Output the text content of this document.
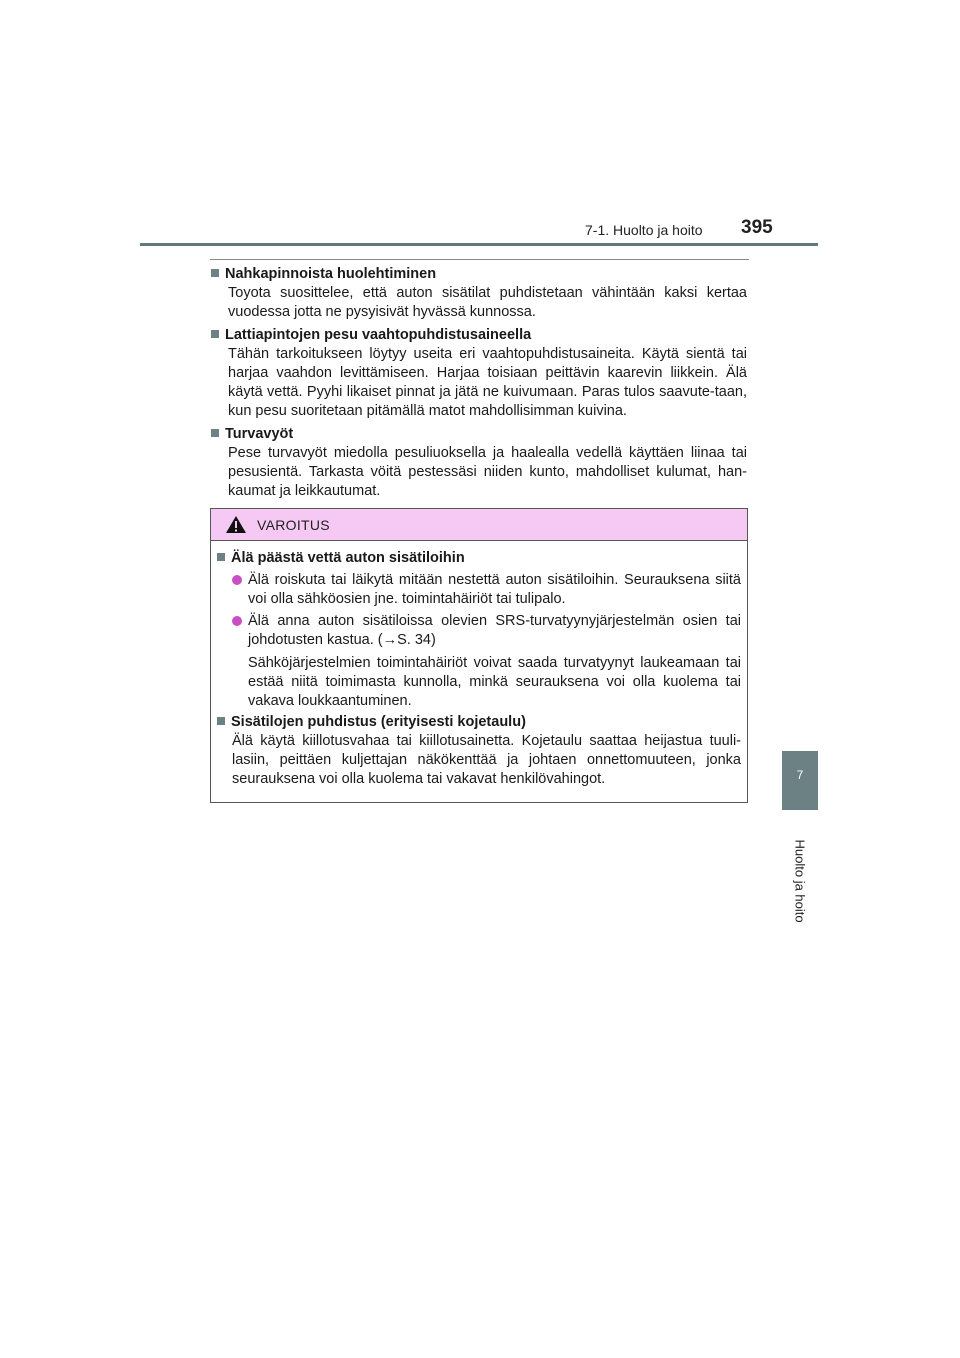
7-1. Huolto ja hoito 395
7
Huolto ja hoito
Nahkapinnoista huolehtiminen
Toyota suosittelee, että auton sisätilat puhdistetaan vähintään kaksi kertaa vuodessa jotta ne pysyisivät hyvässä kunnossa.
Lattiapintojen pesu vaahtopuhdistusaineella
Tähän tarkoitukseen löytyy useita eri vaahtopuhdistusaineita. Käytä sientä tai harjaa vaahdon levittämiseen. Harjaa toisiaan peittävin kaarevin liikkein. Älä käytä vettä. Pyyhi likaiset pinnat ja jätä ne kuivumaan. Paras tulos saavute-taan, kun pesu suoritetaan pitämällä matot mahdollisimman kuivina.
Turvavyöt
Pese turvavyöt miedolla pesuliuoksella ja haalealla vedellä käyttäen liinaa tai pesusientä. Tarkasta vöitä pestessäsi niiden kunto, mahdolliset kulumat, han-kaumat ja leikkautumat.
VAROITUS
Älä päästä vettä auton sisätiloihin
Älä roiskuta tai läikytä mitään nestettä auton sisätiloihin. Seurauksena siitä voi olla sähköosien jne. toimintahäiriöt tai tulipalo.
Älä anna auton sisätiloissa olevien SRS-turvatyynyjärjestelmän osien tai johdotusten kastua. (→S. 34)
Sähköjärjestelmien toimintahäiriöt voivat saada turvatyynyt laukeamaan tai estää niitä toimimasta kunnolla, minkä seurauksena voi olla kuolema tai vakava loukkaantuminen.
Sisätilojen puhdistus (erityisesti kojetaulu)
Älä käytä kiillotusvahaa tai kiillotusainetta. Kojetaulu saattaa heijastua tuuli-lasiin, peittäen kuljettajan näkökenttää ja johtaen onnettomuuteen, jonka seurauksena voi olla kuolema tai vakavat henkilövahingot.
